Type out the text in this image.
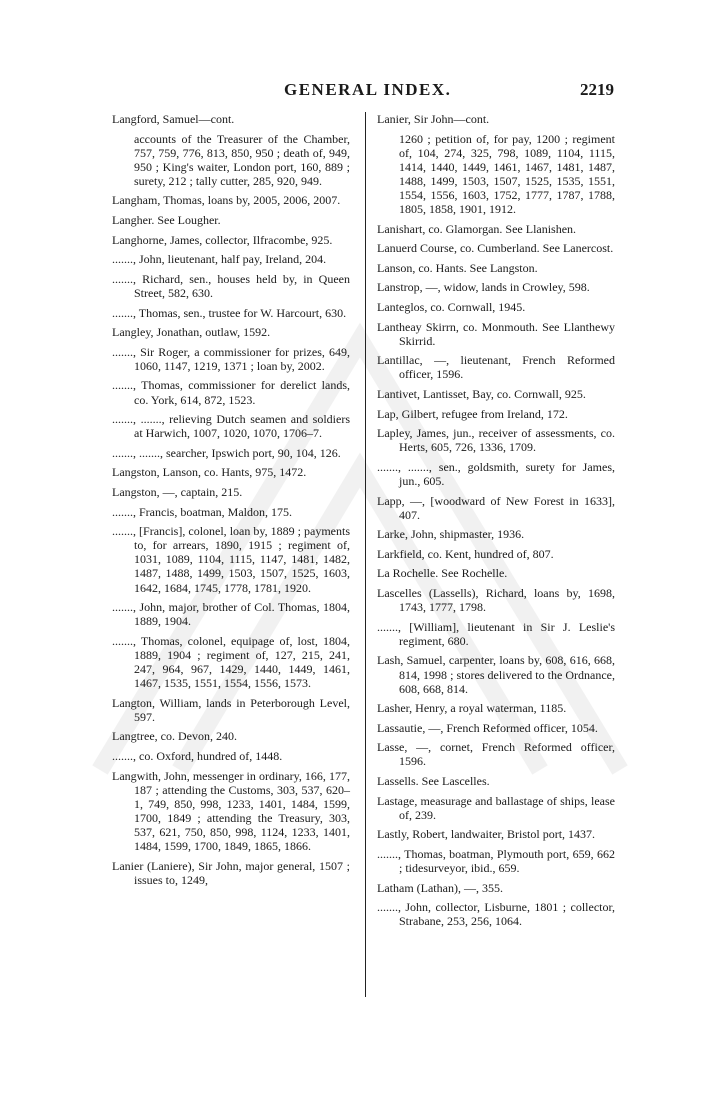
GENERAL INDEX.	2219

Langford, Samuel—cont.

accounts of the Treasurer of the Chamber, 757, 759, 776, 813, 850, 950 ; death of, 949, 950 ; King's waiter, London port, 160, 889 ; surety, 212 ; tally cutter, 285, 920, 949.

Langham, Thomas, loans by, 2005, 2006, 2007.

Langher. See Lougher.

Langhorne, James, collector, Ilfracombe, 925.

......., John, lieutenant, half pay, Ireland, 204.

......., Richard, sen., houses held by, in Queen Street, 582, 630.

......., Thomas, sen., trustee for W. Harcourt, 630.

Langley, Jonathan, outlaw, 1592.

......., Sir Roger, a commissioner for prizes, 649, 1060, 1147, 1219, 1371 ; loan by, 2002.

......., Thomas, commissioner for derelict lands, co. York, 614, 872, 1523.

......., ......., relieving Dutch seamen and soldiers at Harwich, 1007, 1020, 1070, 1706–7.

......., ......., searcher, Ipswich port, 90, 104, 126.

Langston, Lanson, co. Hants, 975, 1472.

Langston, —, captain, 215.

......., Francis, boatman, Maldon, 175.

......., [Francis], colonel, loan by, 1889 ; payments to, for arrears, 1890, 1915 ; regiment of, 1031, 1089, 1104, 1115, 1147, 1481, 1482, 1487, 1488, 1499, 1503, 1507, 1525, 1603, 1642, 1684, 1745, 1778, 1781, 1920.

......., John, major, brother of Col. Thomas, 1804, 1889, 1904.

......., Thomas, colonel, equipage of, lost, 1804, 1889, 1904 ; regiment of, 127, 215, 241, 247, 964, 967, 1429, 1440, 1449, 1461, 1467, 1535, 1551, 1554, 1556, 1573.

Langton, William, lands in Peterborough Level, 597.

Langtree, co. Devon, 240.

......., co. Oxford, hundred of, 1448.

Langwith, John, messenger in ordinary, 166, 177, 187 ; attending the Customs, 303, 537, 620–1, 749, 850, 998, 1233, 1401, 1484, 1599, 1700, 1849 ; attending the Treasury, 303, 537, 621, 750, 850, 998, 1124, 1233, 1401, 1484, 1599, 1700, 1849, 1865, 1866.

Lanier (Laniere), Sir John, major general, 1507 ; issues to, 1249,

Lanier, Sir John—cont.

1260 ; petition of, for pay, 1200 ; regiment of, 104, 274, 325, 798, 1089, 1104, 1115, 1414, 1440, 1449, 1461, 1467, 1481, 1487, 1488, 1499, 1503, 1507, 1525, 1535, 1551, 1554, 1556, 1603, 1752, 1777, 1787, 1788, 1805, 1858, 1901, 1912.

Lanishart, co. Glamorgan. See Llanishen.

Lanuerd Course, co. Cumberland. See Lanercost.

Lanson, co. Hants. See Langston.

Lanstrop, —, widow, lands in Crowley, 598.

Lanteglos, co. Cornwall, 1945.

Lantheay Skirrn, co. Monmouth. See Llanthewy Skirrid.

Lantillac, —, lieutenant, French Reformed officer, 1596.

Lantivet, Lantisset, Bay, co. Cornwall, 925.

Lap, Gilbert, refugee from Ireland, 172.

Lapley, James, jun., receiver of assessments, co. Herts, 605, 726, 1336, 1709.

......., ......., sen., goldsmith, surety for James, jun., 605.

Lapp, —, [woodward of New Forest in 1633], 407.

Larke, John, shipmaster, 1936.

Larkfield, co. Kent, hundred of, 807.

La Rochelle. See Rochelle.

Lascelles (Lassells), Richard, loans by, 1698, 1743, 1777, 1798.

......., [William], lieutenant in Sir J. Leslie's regiment, 680.

Lash, Samuel, carpenter, loans by, 608, 616, 668, 814, 1998 ; stores delivered to the Ordnance, 608, 668, 814.

Lasher, Henry, a royal waterman, 1185.

Lassautie, —, French Reformed officer, 1054.

Lasse, —, cornet, French Reformed officer, 1596.

Lassells. See Lascelles.

Lastage, measurage and ballastage of ships, lease of, 239.

Lastly, Robert, landwaiter, Bristol port, 1437.

......., Thomas, boatman, Plymouth port, 659, 662 ; tidesurveyor, ibid., 659.

Latham (Lathan), —, 355.

......., John, collector, Lisburne, 1801 ; collector, Strabane, 253, 256, 1064.
